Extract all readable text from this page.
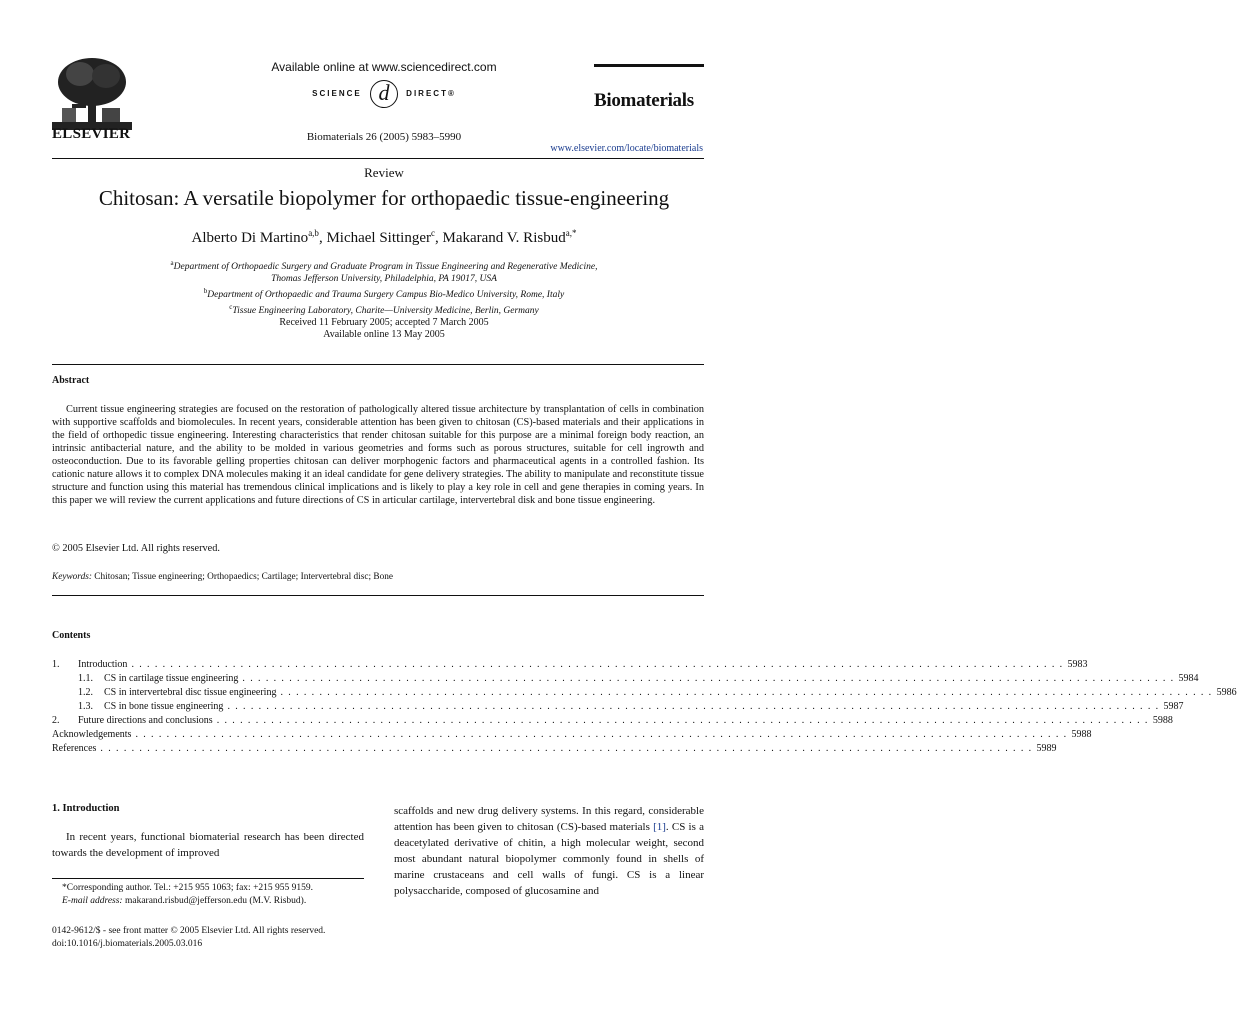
ELSEVIER
Available online at www.sciencedirect.com
SCIENCE d DIRECT®
Biomaterials 26 (2005) 5983–5990
Biomaterials
www.elsevier.com/locate/biomaterials
Review
Chitosan: A versatile biopolymer for orthopaedic tissue-engineering
Alberto Di Martino$^{a,b}$, Michael Sittinger$^c$, Makarand V. Risbud$^{a,*}$
$^a$Department of Orthopaedic Surgery and Graduate Program in Tissue Engineering and Regenerative Medicine,
Thomas Jefferson University, Philadelphia, PA 19017, USA
$^b$Department of Orthopaedic and Trauma Surgery Campus Bio-Medico University, Rome, Italy
$^c$Tissue Engineering Laboratory, Charite—University Medicine, Berlin, Germany
Received 11 February 2005; accepted 7 March 2005
Available online 13 May 2005
Abstract
Current tissue engineering strategies are focused on the restoration of pathologically altered tissue architecture by transplantation of cells in combination with supportive scaffolds and biomolecules. In recent years, considerable attention has been given to chitosan (CS)-based materials and their applications in the field of orthopedic tissue engineering. Interesting characteristics that render chitosan suitable for this purpose are a minimal foreign body reaction, an intrinsic antibacterial nature, and the ability to be molded in various geometries and forms such as porous structures, suitable for cell ingrowth and osteoconduction. Due to its favorable gelling properties chitosan can deliver morphogenic factors and pharmaceutical agents in a controlled fashion. Its cationic nature allows it to complex DNA molecules making it an ideal candidate for gene delivery strategies. The ability to manipulate and reconstitute tissue structure and function using this material has tremendous clinical implications and is likely to play a key role in cell and gene therapies in coming years. In this paper we will review the current applications and future directions of CS in articular cartilage, intervertebral disk and bone tissue engineering.
© 2005 Elsevier Ltd. All rights reserved.
Keywords: Chitosan; Tissue engineering; Orthopaedics; Cartilage; Intervertebral disc; Bone
Contents
1.	Introduction . . . . . . . . . . . . . . . . . . . . . . . . . . . . . . . . . . . . . . . . . . . . . . . . . . . . . . . . . . . . . . . . . . . . . . . . . . . . . . . . . . . . . . . . . . . . . . . . . . . . . . . . . . . . . . . . . . . . . . . . 5983
1.1.	CS in cartilage tissue engineering . . . . . . . . . . . . . . . . . . . . . . . . . . . . . . . . . . . . . . . . . . . . . . . . . . . . . . . . . . . . . . . . . . . . . . . . . . . . . . . . . . . . . . . . . . . . . . . . . . . . . . . . . . . . . . . . . . . . . . . . 5984
1.2.	CS in intervertebral disc tissue engineering . . . . . . . . . . . . . . . . . . . . . . . . . . . . . . . . . . . . . . . . . . . . . . . . . . . . . . . . . . . . . . . . . . . . . . . . . . . . . . . . . . . . . . . . . . . . . . . . . . . . . . . . . . . . . . . . . . . . . . . . 5986
1.3.	CS in bone tissue engineering . . . . . . . . . . . . . . . . . . . . . . . . . . . . . . . . . . . . . . . . . . . . . . . . . . . . . . . . . . . . . . . . . . . . . . . . . . . . . . . . . . . . . . . . . . . . . . . . . . . . . . . . . . . . . . . . . . . . . . . . 5987
2.	Future directions and conclusions . . . . . . . . . . . . . . . . . . . . . . . . . . . . . . . . . . . . . . . . . . . . . . . . . . . . . . . . . . . . . . . . . . . . . . . . . . . . . . . . . . . . . . . . . . . . . . . . . . . . . . . . . . . . . . . . . . . . . . . . 5988
Acknowledgements . . . . . . . . . . . . . . . . . . . . . . . . . . . . . . . . . . . . . . . . . . . . . . . . . . . . . . . . . . . . . . . . . . . . . . . . . . . . . . . . . . . . . . . . . . . . . . . . . . . . . . . . . . . . . . . . . . . . . . . . 5988
References . . . . . . . . . . . . . . . . . . . . . . . . . . . . . . . . . . . . . . . . . . . . . . . . . . . . . . . . . . . . . . . . . . . . . . . . . . . . . . . . . . . . . . . . . . . . . . . . . . . . . . . . . . . . . . . . . . . . . . . . 5989
1. Introduction
In recent years, functional biomaterial research has been directed towards the development of improved
scaffolds and new drug delivery systems. In this regard, considerable attention has been given to chitosan (CS)-based materials [1]. CS is a deacetylated derivative of chitin, a high molecular weight, second most abundant natural biopolymer commonly found in shells of marine crustaceans and cell walls of fungi. CS is a linear polysaccharide, composed of glucosamine and
*Corresponding author. Tel.: +215 955 1063; fax: +215 955 9159.
E-mail address: makarand.risbud@jefferson.edu (M.V. Risbud).
0142-9612/$ - see front matter © 2005 Elsevier Ltd. All rights reserved.
doi:10.1016/j.biomaterials.2005.03.016
